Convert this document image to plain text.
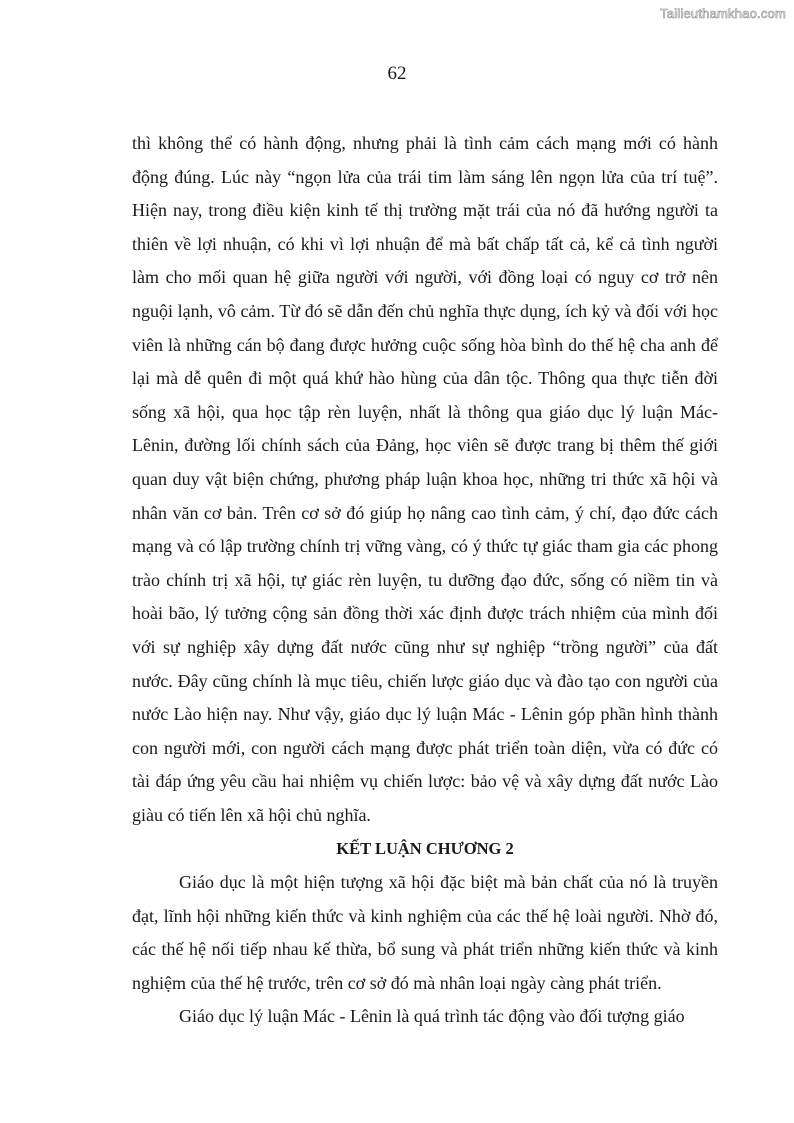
Tailieuthamkhao.com
62

thì không thể có hành động, nhưng phải là tình cảm cách mạng mới có hành động đúng. Lúc này “ngọn lửa của trái tim làm sáng lên ngọn lửa của trí tuệ”. Hiện nay, trong điều kiện kinh tế thị trường mặt trái của nó đã hướng người ta thiên về lợi nhuận, có khi vì lợi nhuận để mà bất chấp tất cả, kể cả tình người làm cho mối quan hệ giữa người với người, với đồng loại có nguy cơ trở nên nguội lạnh, vô cảm. Từ đó sẽ dẫn đến chủ nghĩa thực dụng, ích kỷ và đối với học viên là những cán bộ đang được hưởng cuộc sống hòa bình do thế hệ cha anh để lại mà dễ quên đi một quá khứ hào hùng của dân tộc. Thông qua thực tiễn đời sống xã hội, qua học tập rèn luyện, nhất là thông qua giáo dục lý luận Mác-Lênin, đường lối chính sách của Đảng, học viên sẽ được trang bị thêm thế giới quan duy vật biện chứng, phương pháp luận khoa học, những tri thức xã hội và nhân văn cơ bản. Trên cơ sở đó giúp họ nâng cao tình cảm, ý chí, đạo đức cách mạng và có lập trường chính trị vững vàng, có ý thức tự giác tham gia các phong trào chính trị xã hội, tự giác rèn luyện, tu dưỡng đạo đức, sống có niềm tin và hoài bão, lý tưởng cộng sản đồng thời xác định được trách nhiệm của mình đối với sự nghiệp xây dựng đất nước cũng như sự nghiệp “trồng người” của đất nước. Đây cũng chính là mục tiêu, chiến lược giáo dục và đào tạo con người của nước Lào hiện nay. Như vậy, giáo dục lý luận Mác - Lênin góp phần hình thành con người mới, con người cách mạng được phát triển toàn diện, vừa có đức có tài đáp ứng yêu cầu hai nhiệm vụ chiến lược: bảo vệ và xây dựng đất nước Lào giàu có tiến lên xã hội chủ nghĩa.

KẾT LUẬN CHƯƠNG 2

Giáo dục là một hiện tượng xã hội đặc biệt mà bản chất của nó là truyền đạt, lĩnh hội những kiến thức và kinh nghiệm của các thế hệ loài người. Nhờ đó, các thế hệ nối tiếp nhau kế thừa, bổ sung và phát triển những kiến thức và kinh nghiệm của thế hệ trước, trên cơ sở đó mà nhân loại ngày càng phát triển.

Giáo dục lý luận Mác - Lênin là quá trình tác động vào đối tượng giáo
